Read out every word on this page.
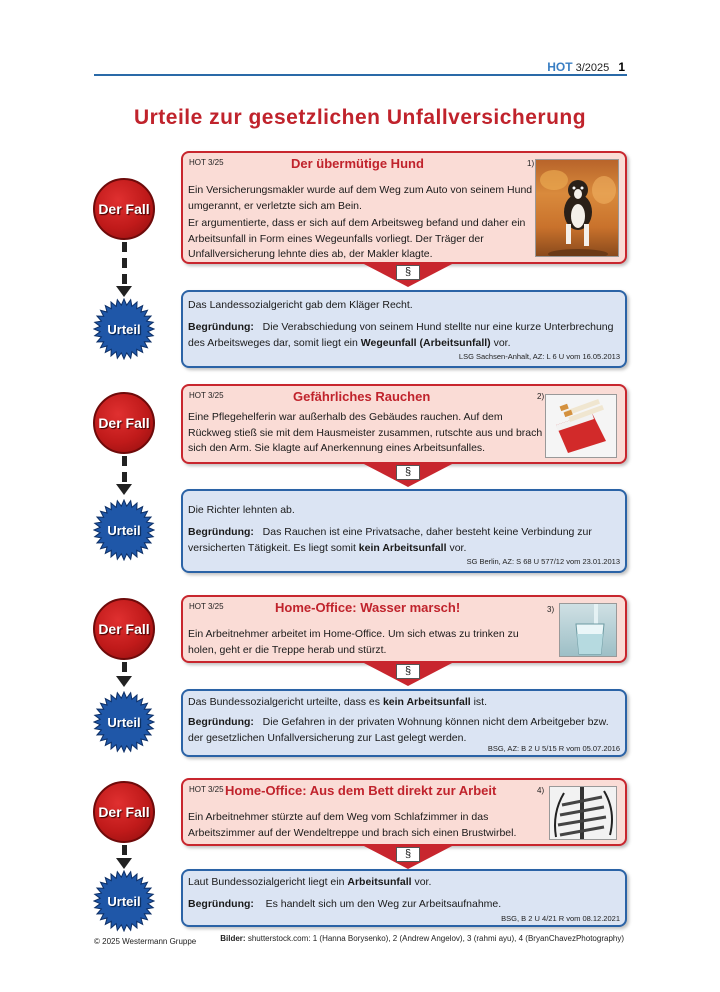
HOT 3/2025 1
Urteile zur gesetzlichen Unfallversicherung
Der Fall
Urteil
HOT 3/25	Der übermütige Hund	1)
Ein Versicherungsmakler wurde auf dem Weg zum Auto von seinem Hund umgerannt, er verletzte sich am Bein.
Er argumentierte, dass er sich auf dem Arbeitsweg befand und daher ein Arbeitsunfall in Form eines Wegeunfalls vorliegt. Der Träger der Unfallversicherung lehnte dies ab, der Makler klagte.
§
Das Landessozialgericht gab dem Kläger Recht.
Begründung: Die Verabschiedung von seinem Hund stellte nur eine kurze Unterbrechung des Arbeitsweges dar, somit liegt ein Wegeunfall (Arbeitsunfall) vor.
LSG Sachsen-Anhalt, AZ: L 6 U vom 16.05.2013
Der Fall
Urteil
HOT 3/25	Gefährliches Rauchen	2)
Eine Pflegehelferin war außerhalb des Gebäudes rauchen. Auf dem Rückweg stieß sie mit dem Hausmeister zusammen, rutschte aus und brach sich den Arm. Sie klagte auf Anerkennung eines Arbeitsunfalles.
§
Die Richter lehnten ab.
Begründung: Das Rauchen ist eine Privatsache, daher besteht keine Verbindung zur versicherten Tätigkeit. Es liegt somit kein Arbeitsunfall vor.
SG Berlin, AZ: S 68 U 577/12 vom 23.01.2013
Der Fall
Urteil
HOT 3/25	Home-Office: Wasser marsch!	3)
Ein Arbeitnehmer arbeitet im Home-Office. Um sich etwas zu trinken zu holen, geht er die Treppe herab und stürzt.
§
Das Bundessozialgericht urteilte, dass es kein Arbeitsunfall ist.
Begründung: Die Gefahren in der privaten Wohnung können nicht dem Arbeitgeber bzw. der gesetzlichen Unfallversicherung zur Last gelegt werden.
BSG, AZ: B 2 U 5/15 R vom 05.07.2016
Der Fall
Urteil
HOT 3/25 Home-Office: Aus dem Bett direkt zur Arbeit	4)
Ein Arbeitnehmer stürzte auf dem Weg vom Schlafzimmer in das Arbeitszimmer auf der Wendeltreppe und brach sich einen Brustwirbel.
§
Laut Bundessozialgericht liegt ein Arbeitsunfall vor.
Begründung: Es handelt sich um den Weg zur Arbeitsaufnahme.
BSG, B 2 U 4/21 R vom 08.12.2021
© 2025 Westermann Gruppe	Bilder: shutterstock.com: 1 (Hanna Borysenko), 2 (Andrew Angelov), 3 (rahmi ayu), 4 (BryanChavezPhotography)
